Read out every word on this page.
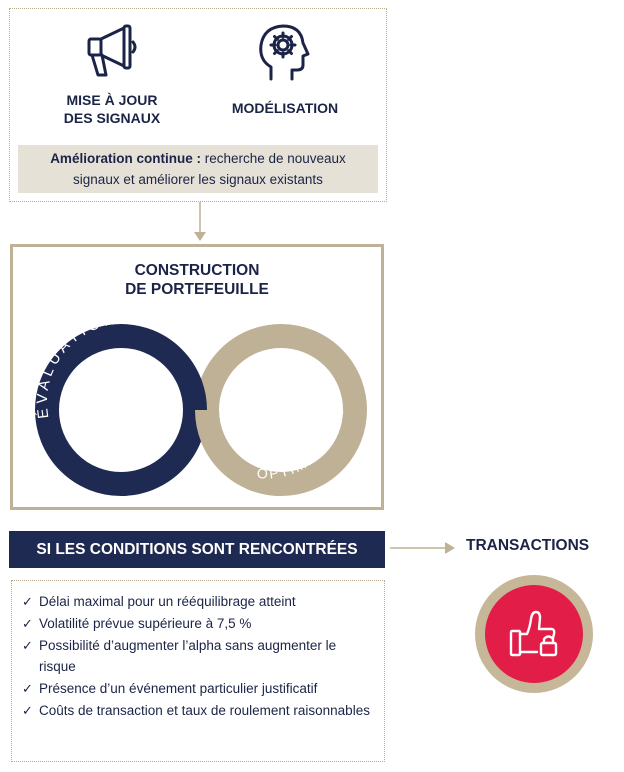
MISE À JOUR
DES SIGNAUX
MODÉLISATION
Amélioration continue : recherche de nouveaux
signaux et améliorer les signaux existants
CONSTRUCTION
DE PORTEFEUILLE
ÉVALUATION
OPTIMISATION
SI LES CONDITIONS SONT RENCONTRÉES
✓ Délai maximal pour un rééquilibrage atteint
✓ Volatilité prévue supérieure à 7,5 %
✓ Possibilité d’augmenter l’alpha sans augmenter le risque
✓ Présence d’un événement particulier justificatif
✓ Coûts de transaction et taux de roulement raisonnables
TRANSACTIONS
